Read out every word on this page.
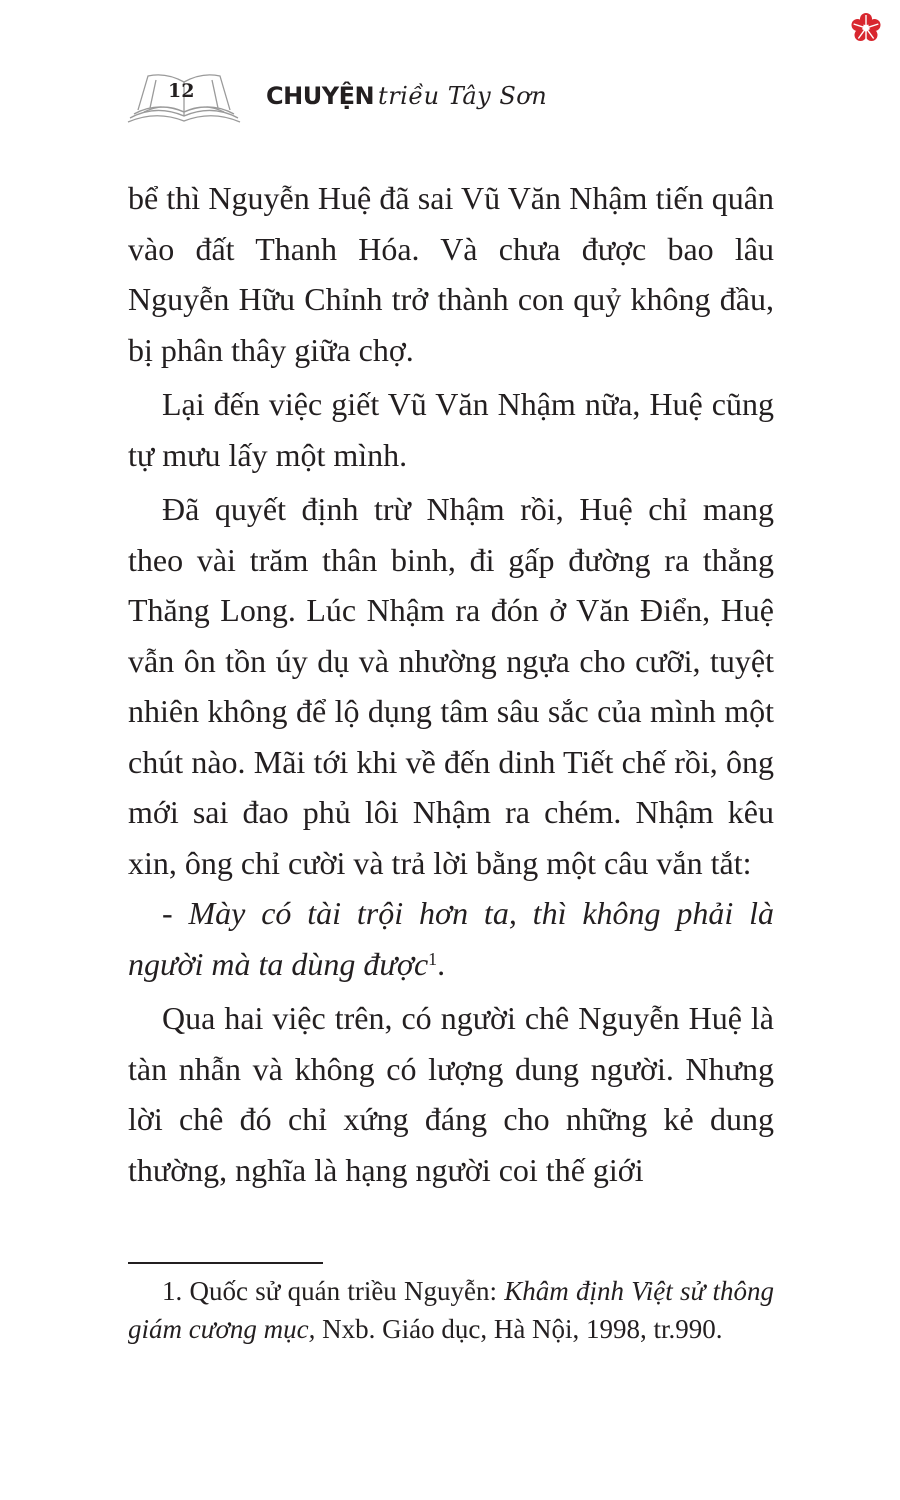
12	CHUYỆN triều Tây Sơn

bể thì Nguyễn Huệ đã sai Vũ Văn Nhậm tiến quân vào đất Thanh Hóa. Và chưa được bao lâu Nguyễn Hữu Chỉnh trở thành con quỷ không đầu, bị phân thây giữa chợ.

Lại đến việc giết Vũ Văn Nhậm nữa, Huệ cũng tự mưu lấy một mình.

Đã quyết định trừ Nhậm rồi, Huệ chỉ mang theo vài trăm thân binh, đi gấp đường ra thẳng Thăng Long. Lúc Nhậm ra đón ở Văn Điển, Huệ vẫn ôn tồn úy dụ và nhường ngựa cho cưỡi, tuyệt nhiên không để lộ dụng tâm sâu sắc của mình một chút nào. Mãi tới khi về đến dinh Tiết chế rồi, ông mới sai đao phủ lôi Nhậm ra chém. Nhậm kêu xin, ông chỉ cười và trả lời bằng một câu vắn tắt:

- Mày có tài trội hơn ta, thì không phải là người mà ta dùng được$^1$.

Qua hai việc trên, có người chê Nguyễn Huệ là tàn nhẫn và không có lượng dung người. Nhưng lời chê đó chỉ xứng đáng cho những kẻ dung thường, nghĩa là hạng người coi thế giới

1. Quốc sử quán triều Nguyễn: Khâm định Việt sử thông giám cương mục, Nxb. Giáo dục, Hà Nội, 1998, tr.990.
